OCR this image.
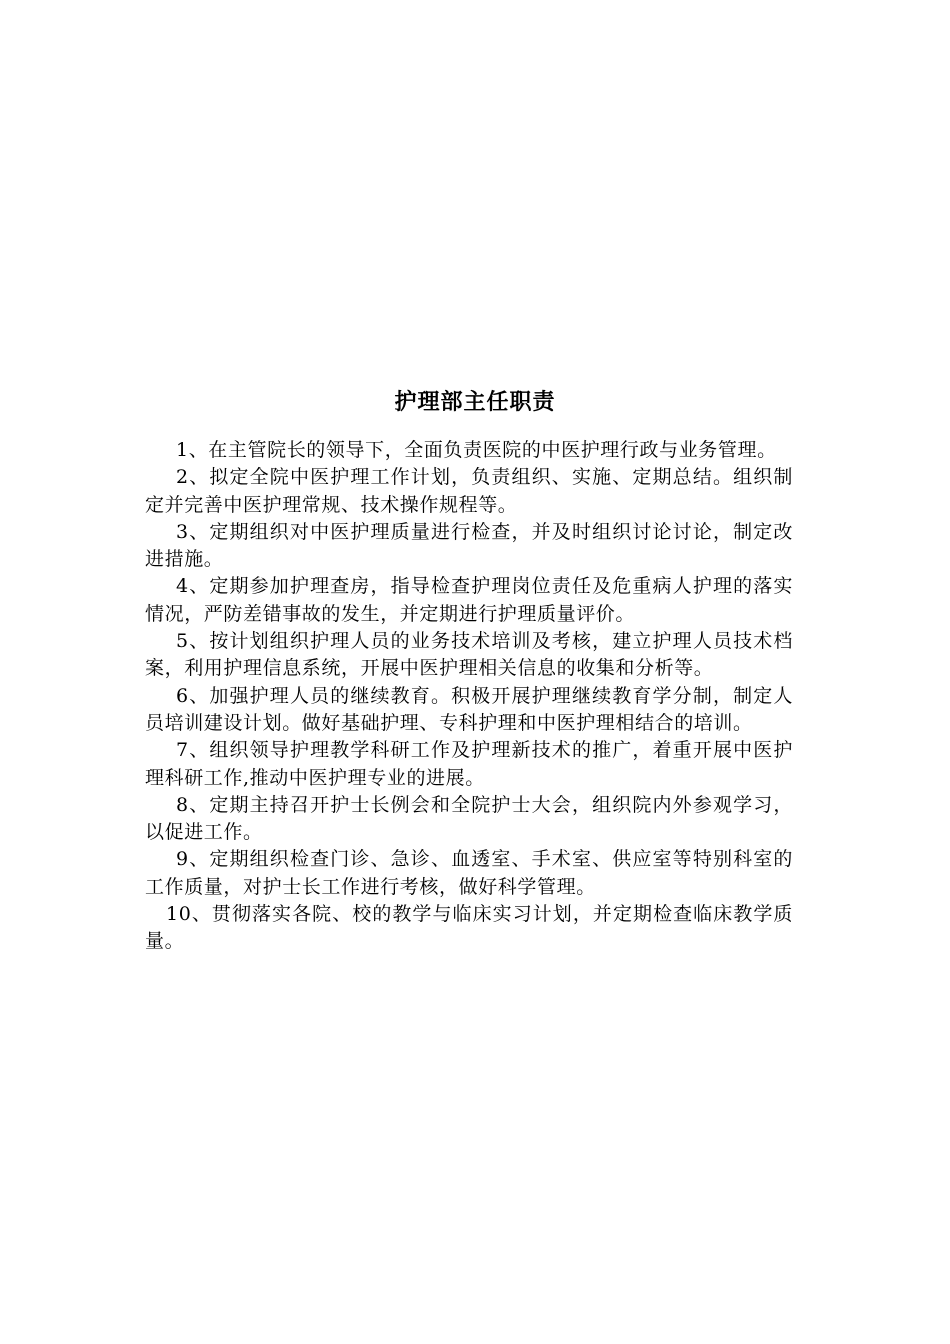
护理部主任职责

1、在主管院长的领导下，全面负责医院的中医护理行政与业务管理。

2、拟定全院中医护理工作计划，负责组织、实施、定期总结。组织制定并完善中医护理常规、技术操作规程等。

3、定期组织对中医护理质量进行检查，并及时组织讨论讨论，制定改进措施。

4、定期参加护理查房，指导检查护理岗位责任及危重病人护理的落实情况，严防差错事故的发生，并定期进行护理质量评价。

5、按计划组织护理人员的业务技术培训及考核，建立护理人员技术档案，利用护理信息系统，开展中医护理相关信息的收集和分析等。

6、加强护理人员的继续教育。积极开展护理继续教育学分制，制定人员培训建设计划。做好基础护理、专科护理和中医护理相结合的培训。

7、组织领导护理教学科研工作及护理新技术的推广，着重开展中医护理科研工作,推动中医护理专业的进展。

8、定期主持召开护士长例会和全院护士大会，组织院内外参观学习，以促进工作。

9、定期组织检查门诊、急诊、血透室、手术室、供应室等特别科室的工作质量，对护士长工作进行考核，做好科学管理。

10、贯彻落实各院、校的教学与临床实习计划，并定期检查临床教学质量。
